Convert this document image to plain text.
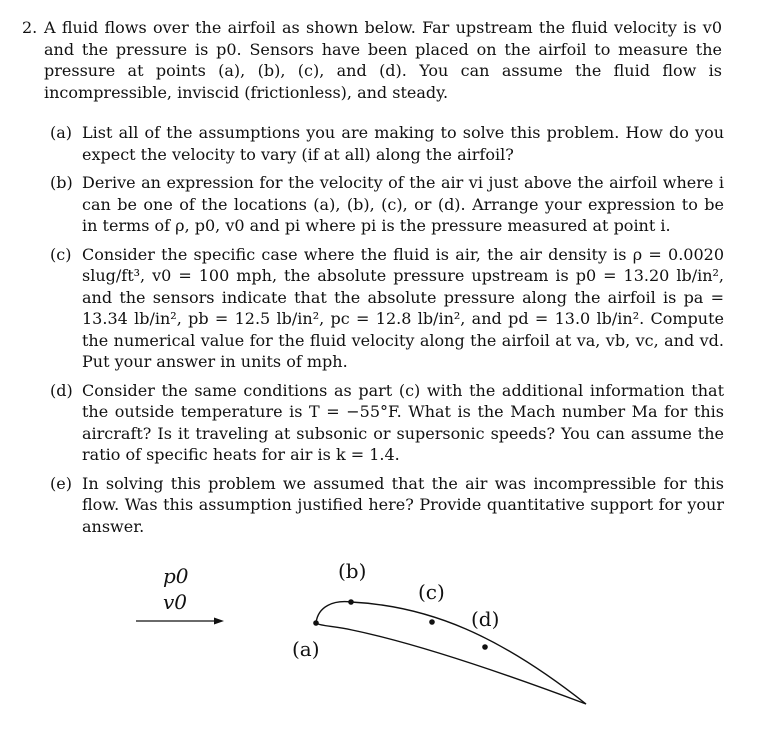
2. A fluid flows over the airfoil as shown below. Far upstream the fluid velocity is v0 and the pressure is p0. Sensors have been placed on the airfoil to measure the pressure at points (a), (b), (c), and (d). You can assume the fluid flow is incompressible, inviscid (frictionless), and steady.
(a) List all of the assumptions you are making to solve this problem. How do you expect the velocity to vary (if at all) along the airfoil?
(b) Derive an expression for the velocity of the air vi just above the airfoil where i can be one of the locations (a), (b), (c), or (d). Arrange your expression to be in terms of ρ, p0, v0 and pi where pi is the pressure measured at point i.
(c) Consider the specific case where the fluid is air, the air density is ρ = 0.0020 slug/ft³, v0 = 100 mph, the absolute pressure upstream is p0 = 13.20 lb/in², and the sensors indicate that the absolute pressure along the airfoil is pa = 13.34 lb/in², pb = 12.5 lb/in², pc = 12.8 lb/in², and pd = 13.0 lb/in². Compute the numerical value for the fluid velocity along the airfoil at va, vb, vc, and vd. Put your answer in units of mph.
(d) Consider the same conditions as part (c) with the additional information that the outside temperature is T = −55°F. What is the Mach number Ma for this aircraft? Is it traveling at subsonic or supersonic speeds? You can assume the ratio of specific heats for air is k = 1.4.
(e) In solving this problem we assumed that the air was incompressible for this flow. Was this assumption justified here? Provide quantitative support for your answer.
p0
v0
(a)
(b)
(c)
(d)
